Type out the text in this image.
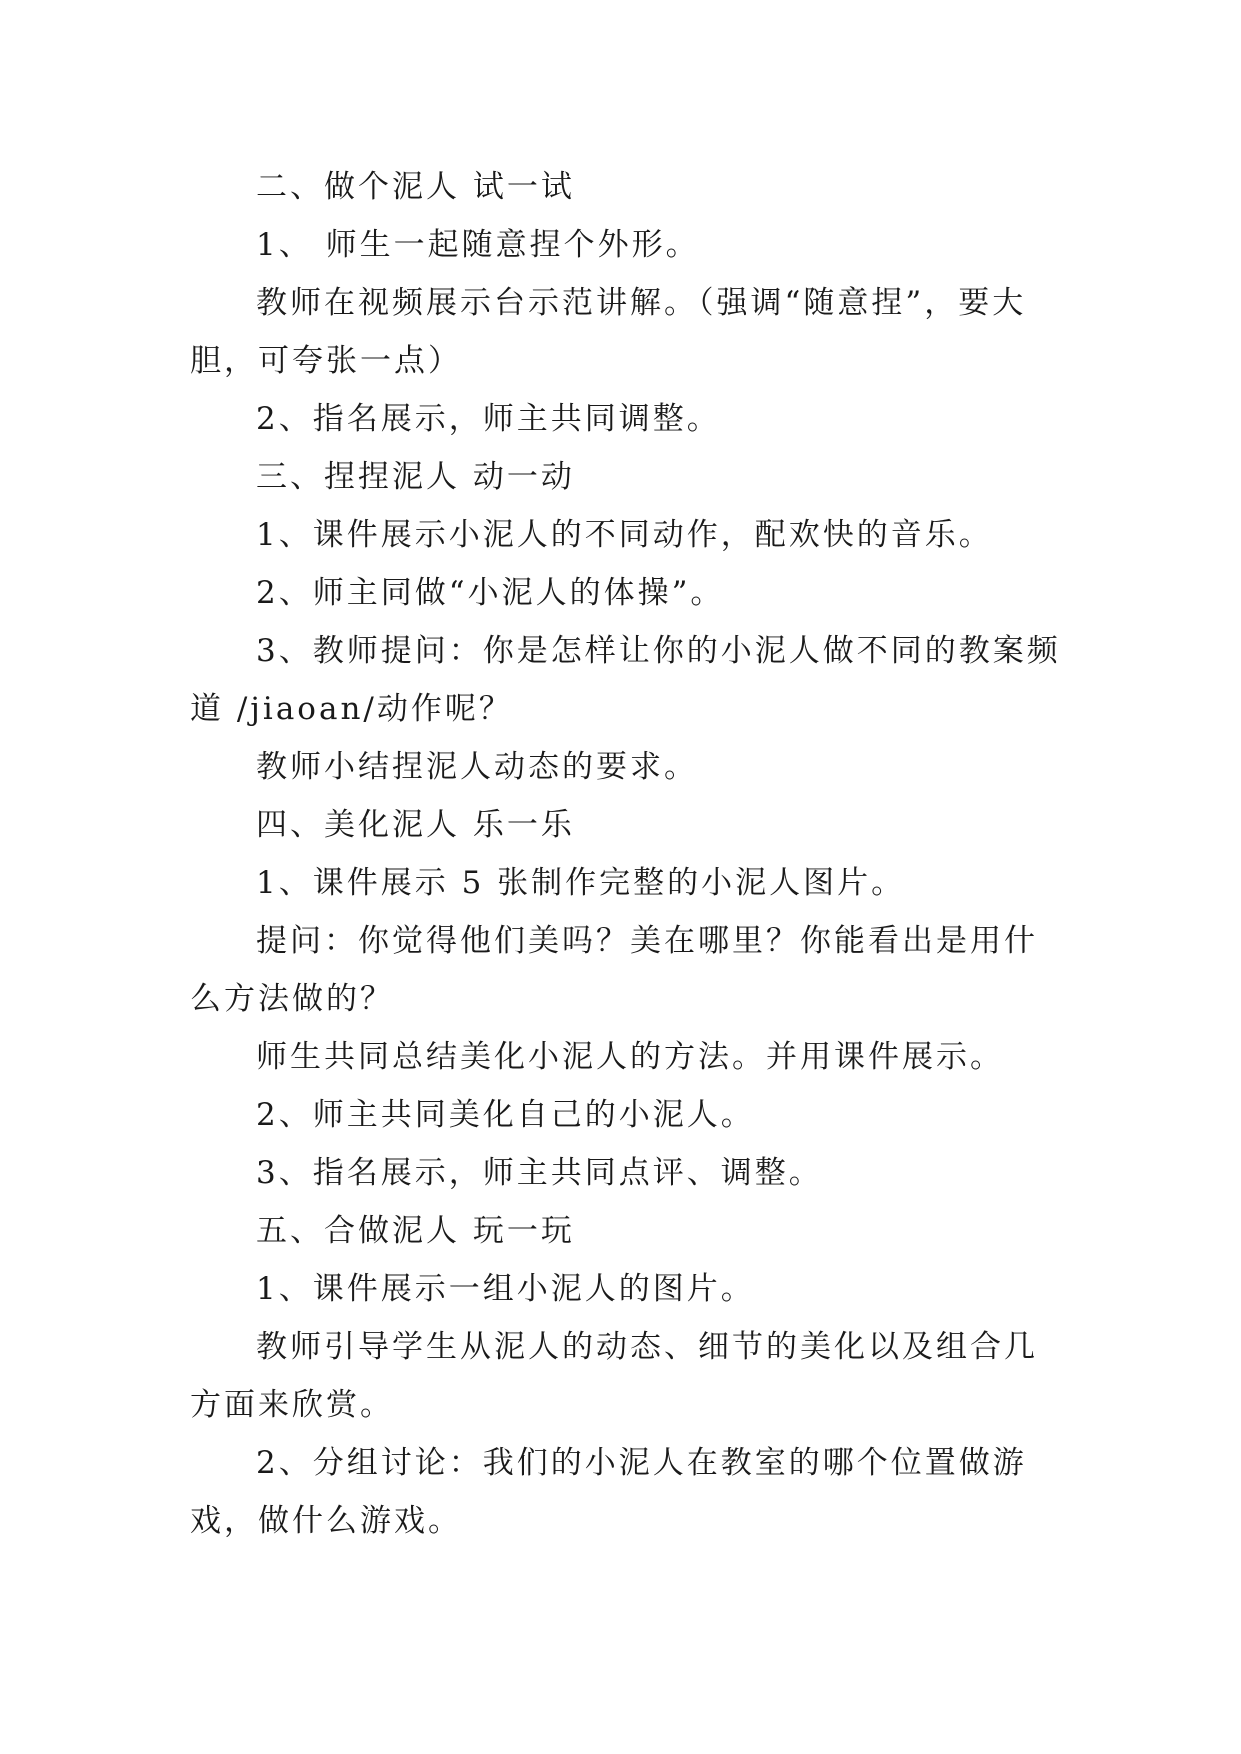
二、做个泥人 试一试

1、 师生一起随意捏个外形。

教师在视频展示台示范讲解。（强调“随意捏”，要大胆，可夸张一点）

2、指名展示，师主共同调整。

三、捏捏泥人 动一动

1、课件展示小泥人的不同动作，配欢快的音乐。

2、师主同做“小泥人的体操”。

3、教师提问：你是怎样让你的小泥人做不同的教案频道 /jiaoan/动作呢？

教师小结捏泥人动态的要求。

四、美化泥人 乐一乐

1、课件展示 5 张制作完整的小泥人图片。

提问：你觉得他们美吗？美在哪里？你能看出是用什么方法做的？

师生共同总结美化小泥人的方法。并用课件展示。

2、师主共同美化自己的小泥人。

3、指名展示，师主共同点评、调整。

五、合做泥人 玩一玩

1、课件展示一组小泥人的图片。

教师引导学生从泥人的动态、细节的美化以及组合几方面来欣赏。

2、分组讨论：我们的小泥人在教室的哪个位置做游戏，做什么游戏。
